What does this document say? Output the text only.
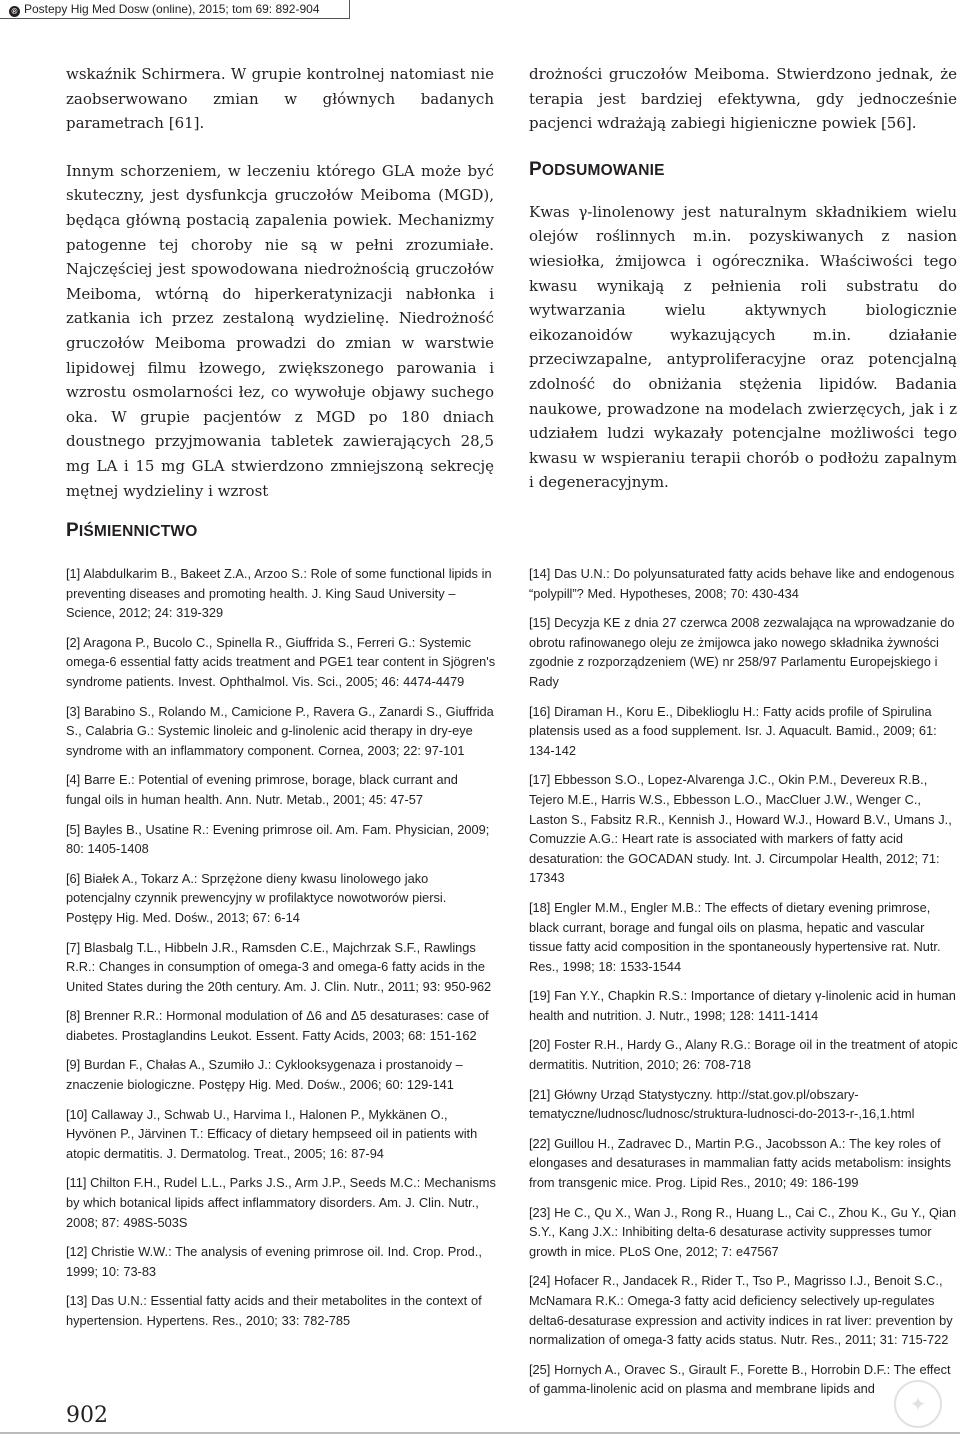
® Postepy Hig Med Dosw (online), 2015; tom 69: 892-904

wskaźnik Schirmera. W grupie kontrolnej natomiast nie zaobserwowano zmian w głównych badanych parametrach [61].

Innym schorzeniem, w leczeniu którego GLA może być skuteczny, jest dysfunkcja gruczołów Meiboma (MGD), będąca główną postacią zapalenia powiek. Mechanizmy patogenne tej choroby nie są w pełni zrozumiałe. Najczęściej jest spowodowana niedrożnością gruczołów Meiboma, wtórną do hiperkeratynizacji nabłonka i zatkania ich przez zestaloną wydzielinę. Niedrożność gruczołów Meiboma prowadzi do zmian w warstwie lipidowej filmu łzowego, zwiększonego parowania i wzrostu osmolarności łez, co wywołuje objawy suchego oka. W grupie pacjentów z MGD po 180 dniach doustnego przyjmowania tabletek zawierających 28,5 mg LA i 15 mg GLA stwierdzono zmniejszoną sekrecję mętnej wydzieliny i wzrost

drożności gruczołów Meiboma. Stwierdzono jednak, że terapia jest bardziej efektywna, gdy jednocześnie pacjenci wdrażają zabiegi higieniczne powiek [56].

PODSUMOWANIE

Kwas γ-linolenowy jest naturalnym składnikiem wielu olejów roślinnych m.in. pozyskiwanych z nasion wiesiołka, żmijowca i ogórecznika. Właściwości tego kwasu wynikają z pełnienia roli substratu do wytwarzania wielu aktywnych biologicznie eikozanoidów wykazujących m.in. działanie przeciwzapalne, antyproliferacyjne oraz potencjalną zdolność do obniżania stężenia lipidów. Badania naukowe, prowadzone na modelach zwierzęcych, jak i z udziałem ludzi wykazały potencjalne możliwości tego kwasu w wspieraniu terapii chorób o podłożu zapalnym i degeneracyjnym.

PIŚMIENNICTWO

[1] Alabdulkarim B., Bakeet Z.A., Arzoo S.: Role of some functional lipids in preventing diseases and promoting health. J. King Saud University – Science, 2012; 24: 319-329

[2] Aragona P., Bucolo C., Spinella R., Giuffrida S., Ferreri G.: Systemic omega-6 essential fatty acids treatment and PGE1 tear content in Sjögren's syndrome patients. Invest. Ophthalmol. Vis. Sci., 2005; 46: 4474-4479

[3] Barabino S., Rolando M., Camicione P., Ravera G., Zanardi S., Giuffrida S., Calabria G.: Systemic linoleic and g-linolenic acid therapy in dry-eye syndrome with an inflammatory component. Cornea, 2003; 22: 97-101

[4] Barre E.: Potential of evening primrose, borage, black currant and fungal oils in human health. Ann. Nutr. Metab., 2001; 45: 47-57

[5] Bayles B., Usatine R.: Evening primrose oil. Am. Fam. Physician, 2009; 80: 1405-1408

[6] Białek A., Tokarz A.: Sprzężone dieny kwasu linolowego jako potencjalny czynnik prewencyjny w profilaktyce nowotworów piersi. Postępy Hig. Med. Dośw., 2013; 67: 6-14

[7] Blasbalg T.L., Hibbeln J.R., Ramsden C.E., Majchrzak S.F., Rawlings R.R.: Changes in consumption of omega-3 and omega-6 fatty acids in the United States during the 20th century. Am. J. Clin. Nutr., 2011; 93: 950-962

[8] Brenner R.R.: Hormonal modulation of Δ6 and Δ5 desaturases: case of diabetes. Prostaglandins Leukot. Essent. Fatty Acids, 2003; 68: 151-162

[9] Burdan F., Chałas A., Szumiło J.: Cyklooksygenaza i prostanoidy – znaczenie biologiczne. Postępy Hig. Med. Dośw., 2006; 60: 129-141

[10] Callaway J., Schwab U., Harvima I., Halonen P., Mykkänen O., Hyvönen P., Järvinen T.: Efficacy of dietary hempseed oil in patients with atopic dermatitis. J. Dermatolog. Treat., 2005; 16: 87-94

[11] Chilton F.H., Rudel L.L., Parks J.S., Arm J.P., Seeds M.C.: Mechanisms by which botanical lipids affect inflammatory disorders. Am. J. Clin. Nutr., 2008; 87: 498S-503S

[12] Christie W.W.: The analysis of evening primrose oil. Ind. Crop. Prod., 1999; 10: 73-83

[13] Das U.N.: Essential fatty acids and their metabolites in the context of hypertension. Hypertens. Res., 2010; 33: 782-785

[14] Das U.N.: Do polyunsaturated fatty acids behave like and endogenous “polypill”? Med. Hypotheses, 2008; 70: 430-434

[15] Decyzja KE z dnia 27 czerwca 2008 zezwalająca na wprowadzanie do obrotu rafinowanego oleju ze żmijowca jako nowego składnika żywności zgodnie z rozporządzeniem (WE) nr 258/97 Parlamentu Europejskiego i Rady

[16] Diraman H., Koru E., Dibeklioglu H.: Fatty acids profile of Spirulina platensis used as a food supplement. Isr. J. Aquacult. Bamid., 2009; 61: 134-142

[17] Ebbesson S.O., Lopez-Alvarenga J.C., Okin P.M., Devereux R.B., Tejero M.E., Harris W.S., Ebbesson L.O., MacCluer J.W., Wenger C., Laston S., Fabsitz R.R., Kennish J., Howard W.J., Howard B.V., Umans J., Comuzzie A.G.: Heart rate is associated with markers of fatty acid desaturation: the GOCADAN study. Int. J. Circumpolar Health, 2012; 71: 17343

[18] Engler M.M., Engler M.B.: The effects of dietary evening primrose, black currant, borage and fungal oils on plasma, hepatic and vascular tissue fatty acid composition in the spontaneously hypertensive rat. Nutr. Res., 1998; 18: 1533-1544

[19] Fan Y.Y., Chapkin R.S.: Importance of dietary γ-linolenic acid in human health and nutrition. J. Nutr., 1998; 128: 1411-1414

[20] Foster R.H., Hardy G., Alany R.G.: Borage oil in the treatment of atopic dermatitis. Nutrition, 2010; 26: 708-718

[21] Główny Urząd Statystyczny. http://stat.gov.pl/obszary-tematyczne/ludnosc/ludnosc/struktura-ludnosci-do-2013-r-,16,1.html

[22] Guillou H., Zadravec D., Martin P.G., Jacobsson A.: The key roles of elongases and desaturases in mammalian fatty acids metabolism: insights from transgenic mice. Prog. Lipid Res., 2010; 49: 186-199

[23] He C., Qu X., Wan J., Rong R., Huang L., Cai C., Zhou K., Gu Y., Qian S.Y., Kang J.X.: Inhibiting delta-6 desaturase activity suppresses tumor growth in mice. PLoS One, 2012; 7: e47567

[24] Hofacer R., Jandacek R., Rider T., Tso P., Magrisso I.J., Benoit S.C., McNamara R.K.: Omega-3 fatty acid deficiency selectively up-regulates delta6-desaturase expression and activity indices in rat liver: prevention by normalization of omega-3 fatty acids status. Nutr. Res., 2011; 31: 715-722

[25] Hornych A., Oravec S., Girault F., Forette B., Horrobin D.F.: The effect of gamma-linolenic acid on plasma and membrane lipids and

902	✦
